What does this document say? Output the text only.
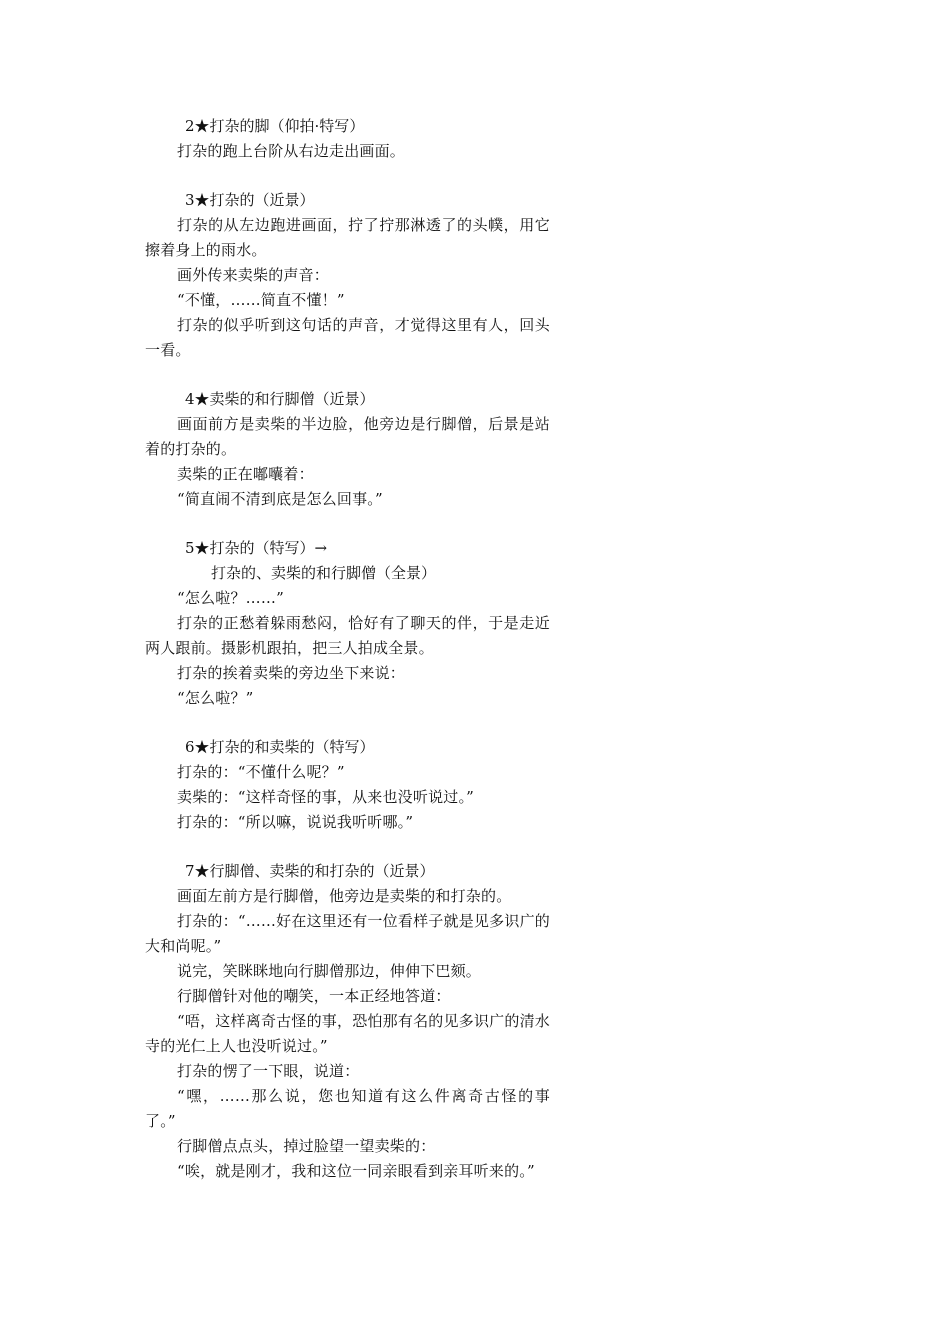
2★打杂的脚（仰拍·特写）

打杂的跑上台阶从右边走出画面。

3★打杂的（近景）

打杂的从左边跑进画面，拧了拧那淋透了的头幞，用它擦着身上的雨水。

画外传来卖柴的声音：

“不懂，……简直不懂！”

打杂的似乎听到这句话的声音，才觉得这里有人，回头一看。

4★卖柴的和行脚僧（近景）

画面前方是卖柴的半边脸，他旁边是行脚僧，后景是站着的打杂的。

卖柴的正在嘟囔着：

“简直闹不清到底是怎么回事。”

5★打杂的（特写）→
打杂的、卖柴的和行脚僧（全景）

“怎么啦？……”

打杂的正愁着躲雨愁闷，恰好有了聊天的伴，于是走近两人跟前。摄影机跟拍，把三人拍成全景。

打杂的挨着卖柴的旁边坐下来说：

“怎么啦？”

6★打杂的和卖柴的（特写）

打杂的：“不懂什么呢？”

卖柴的：“这样奇怪的事，从来也没听说过。”

打杂的：“所以嘛，说说我听听哪。”

7★行脚僧、卖柴的和打杂的（近景）

画面左前方是行脚僧，他旁边是卖柴的和打杂的。

打杂的：“……好在这里还有一位看样子就是见多识广的大和尚呢。”

说完，笑眯眯地向行脚僧那边，伸伸下巴颏。

行脚僧针对他的嘲笑，一本正经地答道：

“唔，这样离奇古怪的事，恐怕那有名的见多识广的清水寺的光仁上人也没听说过。”

打杂的愣了一下眼，说道：

“嘿，……那么说，您也知道有这么件离奇古怪的事了。”

行脚僧点点头，掉过脸望一望卖柴的：

“唉，就是刚才，我和这位一同亲眼看到亲耳听来的。”
